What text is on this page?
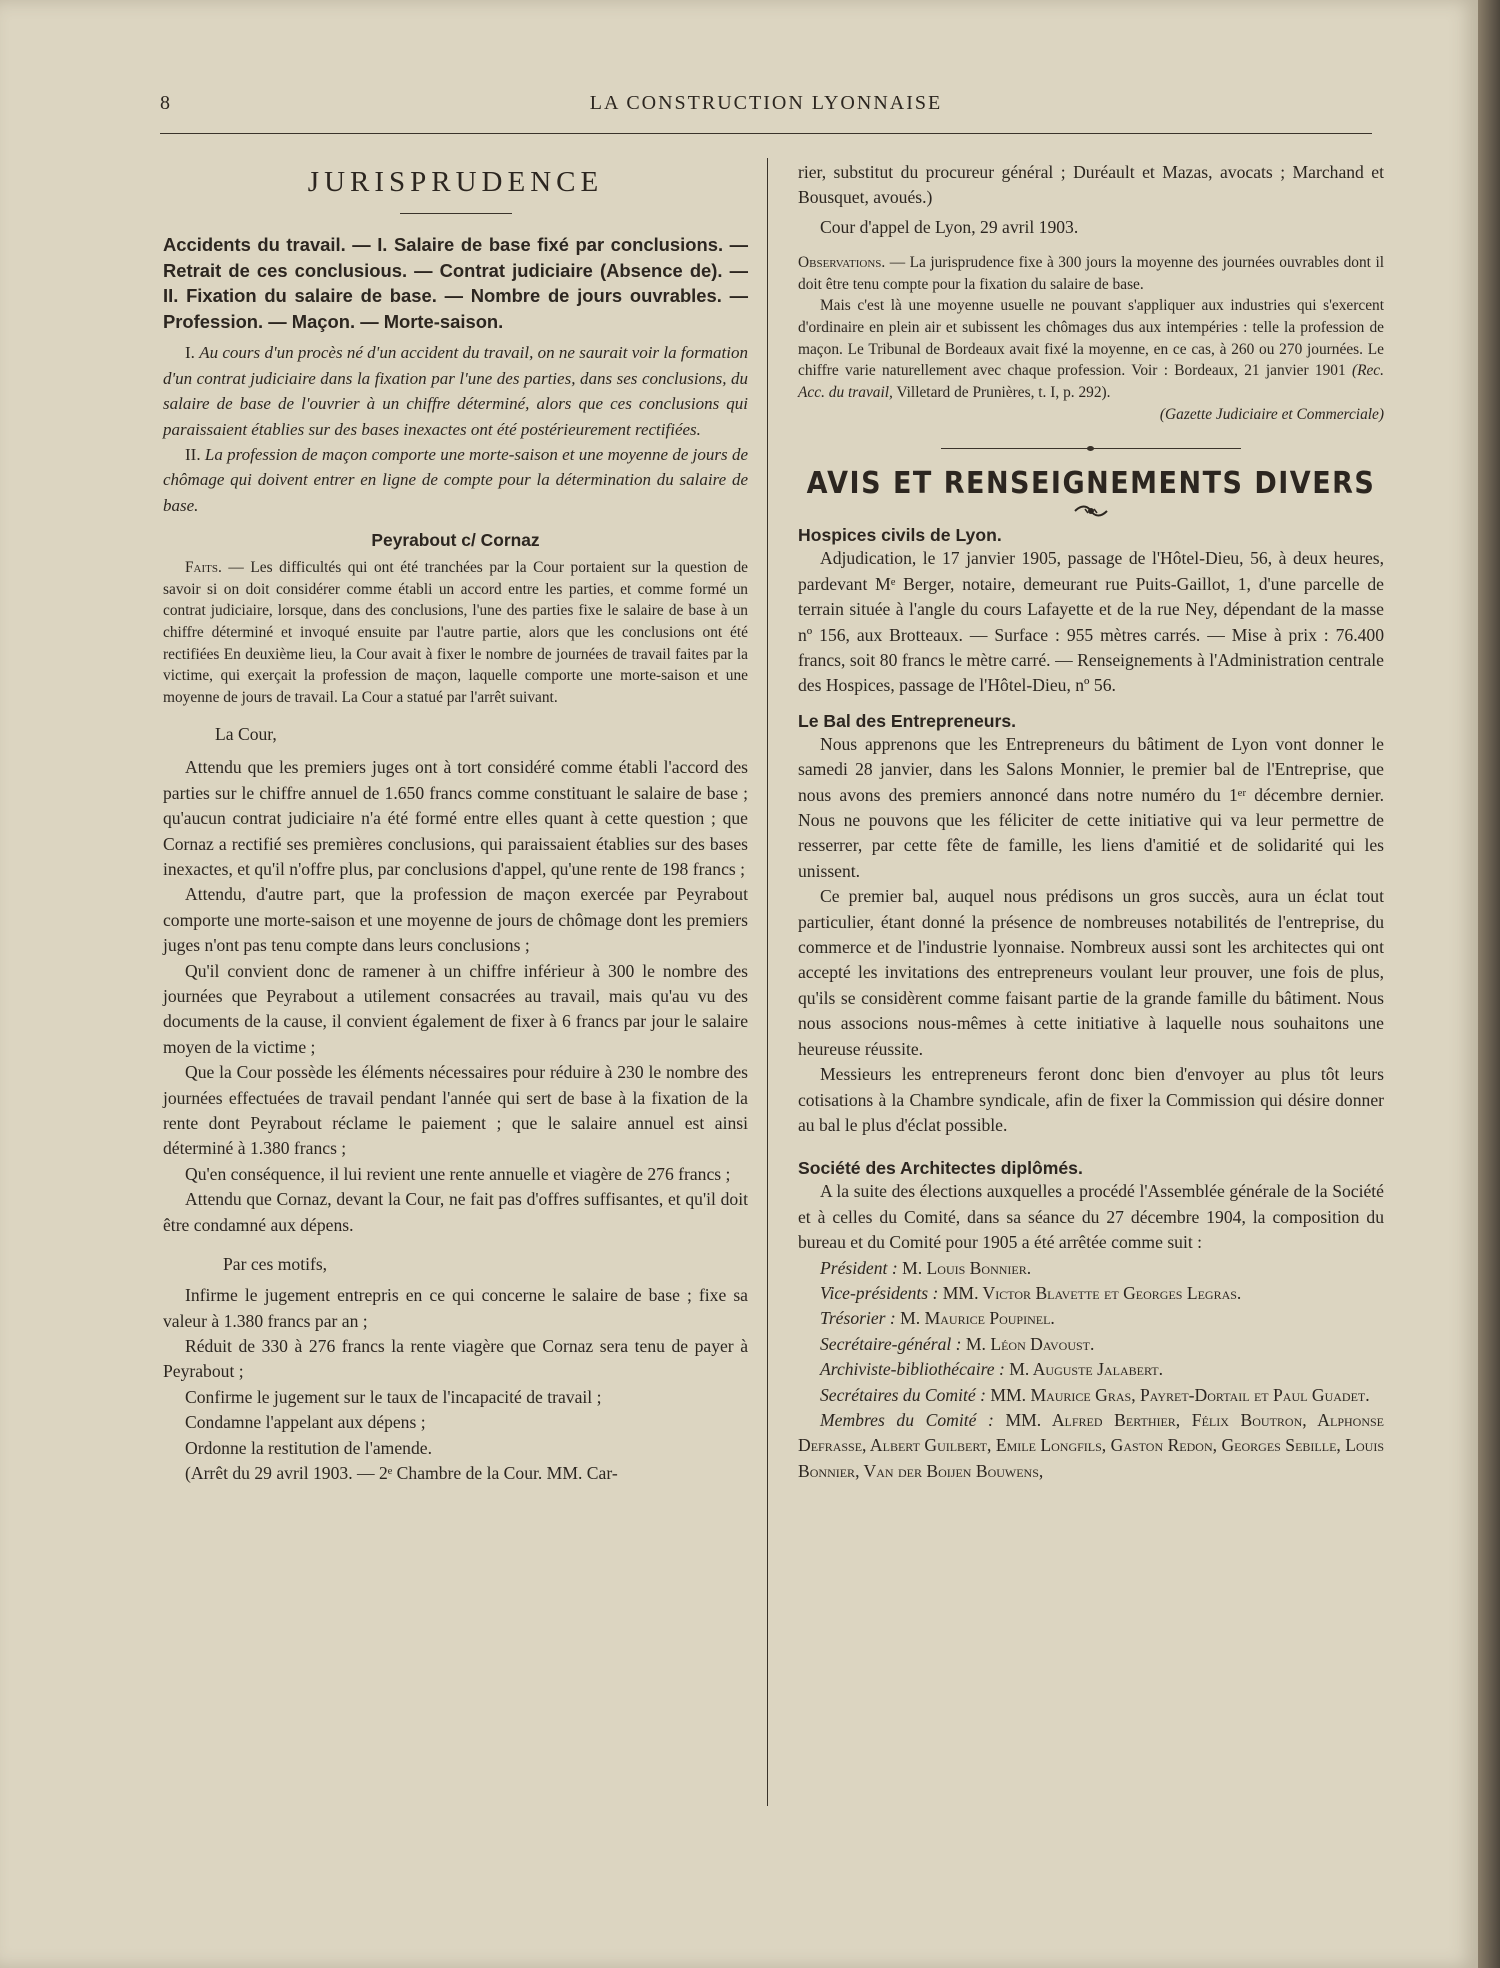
8	LA CONSTRUCTION LYONNAISE
JURISPRUDENCE

Accidents du travail. — I. Salaire de base fixé par conclusions. — Retrait de ces conclusious. — Contrat judiciaire (Absence de). — II. Fixation du salaire de base. — Nombre de jours ouvrables. — Profession. — Maçon. — Morte-saison.

I. Au cours d'un procès né d'un accident du travail, on ne saurait voir la formation d'un contrat judiciaire dans la fixation par l'une des parties, dans ses conclusions, du salaire de base de l'ouvrier à un chiffre déterminé, alors que ces conclusions qui paraissaient établies sur des bases inexactes ont été postérieurement rectifiées.

II. La profession de maçon comporte une morte-saison et une moyenne de jours de chômage qui doivent entrer en ligne de compte pour la détermination du salaire de base.

Peyrabout c/ Cornaz

Faits. — Les difficultés qui ont été tranchées par la Cour portaient sur la question de savoir si on doit considérer comme établi un accord entre les parties, et comme formé un contrat judiciaire, lorsque, dans des conclusions, l'une des parties fixe le salaire de base à un chiffre déterminé et invoqué ensuite par l'autre partie, alors que les conclusions ont été rectifiées En deuxième lieu, la Cour avait à fixer le nombre de journées de travail faites par la victime, qui exerçait la profession de maçon, laquelle comporte une morte-saison et une moyenne de jours de travail. La Cour a statué par l'arrêt suivant.

La Cour,

Attendu que les premiers juges ont à tort considéré comme établi l'accord des parties sur le chiffre annuel de 1.650 francs comme constituant le salaire de base ; qu'aucun contrat judiciaire n'a été formé entre elles quant à cette question ; que Cornaz a rectifié ses premières conclusions, qui paraissaient établies sur des bases inexactes, et qu'il n'offre plus, par conclusions d'appel, qu'une rente de 198 francs ;

Attendu, d'autre part, que la profession de maçon exercée par Peyrabout comporte une morte-saison et une moyenne de jours de chômage dont les premiers juges n'ont pas tenu compte dans leurs conclusions ;

Qu'il convient donc de ramener à un chiffre inférieur à 300 le nombre des journées que Peyrabout a utilement consacrées au travail, mais qu'au vu des documents de la cause, il convient également de fixer à 6 francs par jour le salaire moyen de la victime ;

Que la Cour possède les éléments nécessaires pour réduire à 230 le nombre des journées effectuées de travail pendant l'année qui sert de base à la fixation de la rente dont Peyrabout réclame le paiement ; que le salaire annuel est ainsi déterminé à 1.380 francs ;

Qu'en conséquence, il lui revient une rente annuelle et viagère de 276 francs ;

Attendu que Cornaz, devant la Cour, ne fait pas d'offres suffisantes, et qu'il doit être condamné aux dépens.

Par ces motifs,

Infirme le jugement entrepris en ce qui concerne le salaire de base ; fixe sa valeur à 1.380 francs par an ;

Réduit de 330 à 276 francs la rente viagère que Cornaz sera tenu de payer à Peyrabout ;

Confirme le jugement sur le taux de l'incapacité de travail ;

Condamne l'appelant aux dépens ;

Ordonne la restitution de l'amende.

(Arrêt du 29 avril 1903. — 2ᵉ Chambre de la Cour. MM. Car-

rier, substitut du procureur général ; Duréault et Mazas, avocats ; Marchand et Bousquet, avoués.)

Cour d'appel de Lyon, 29 avril 1903.

Observations. — La jurisprudence fixe à 300 jours la moyenne des journées ouvrables dont il doit être tenu compte pour la fixation du salaire de base.

Mais c'est là une moyenne usuelle ne pouvant s'appliquer aux industries qui s'exercent d'ordinaire en plein air et subissent les chômages dus aux intempéries : telle la profession de maçon. Le Tribunal de Bordeaux avait fixé la moyenne, en ce cas, à 260 ou 270 journées. Le chiffre varie naturellement avec chaque profession. Voir : Bordeaux, 21 janvier 1901 (Rec. Acc. du travail, Villetard de Prunières, t. I, p. 292).

(Gazette Judiciaire et Commerciale)
AVIS ET RENSEIGNEMENTS DIVERS

Hospices civils de Lyon.

Adjudication, le 17 janvier 1905, passage de l'Hôtel-Dieu, 56, à deux heures, pardevant Mᵉ Berger, notaire, demeurant rue Puits-Gaillot, 1, d'une parcelle de terrain située à l'angle du cours Lafayette et de la rue Ney, dépendant de la masse nº 156, aux Brotteaux. — Surface : 955 mètres carrés. — Mise à prix : 76.400 francs, soit 80 francs le mètre carré. — Renseignements à l'Administration centrale des Hospices, passage de l'Hôtel-Dieu, nº 56.

Le Bal des Entrepreneurs.

Nous apprenons que les Entrepreneurs du bâtiment de Lyon vont donner le samedi 28 janvier, dans les Salons Monnier, le premier bal de l'Entreprise, que nous avons des premiers annoncé dans notre numéro du 1ᵉʳ décembre dernier. Nous ne pouvons que les féliciter de cette initiative qui va leur permettre de resserrer, par cette fête de famille, les liens d'amitié et de solidarité qui les unissent.

Ce premier bal, auquel nous prédisons un gros succès, aura un éclat tout particulier, étant donné la présence de nombreuses notabilités de l'entreprise, du commerce et de l'industrie lyonnaise. Nombreux aussi sont les architectes qui ont accepté les invitations des entrepreneurs voulant leur prouver, une fois de plus, qu'ils se considèrent comme faisant partie de la grande famille du bâtiment. Nous nous associons nous-mêmes à cette initiative à laquelle nous souhaitons une heureuse réussite.

Messieurs les entrepreneurs feront donc bien d'envoyer au plus tôt leurs cotisations à la Chambre syndicale, afin de fixer la Commission qui désire donner au bal le plus d'éclat possible.

Société des Architectes diplômés.

A la suite des élections auxquelles a procédé l'Assemblée générale de la Société et à celles du Comité, dans sa séance du 27 décembre 1904, la composition du bureau et du Comité pour 1905 a été arrêtée comme suit :

Président : M. Louis Bonnier.

Vice-présidents : MM. Victor Blavette et Georges Legras.

Trésorier : M. Maurice Poupinel.

Secrétaire-général : M. Léon Davoust.

Archiviste-bibliothécaire : M. Auguste Jalabert.

Secrétaires du Comité : MM. Maurice Gras, Payret-Dortail et Paul Guadet.

Membres du Comité : MM. Alfred Berthier, Félix Boutron, Alphonse Defrasse, Albert Guilbert, Emile Longfils, Gaston Redon, Georges Sebille, Louis Bonnier, Van der Boijen Bouwens,
